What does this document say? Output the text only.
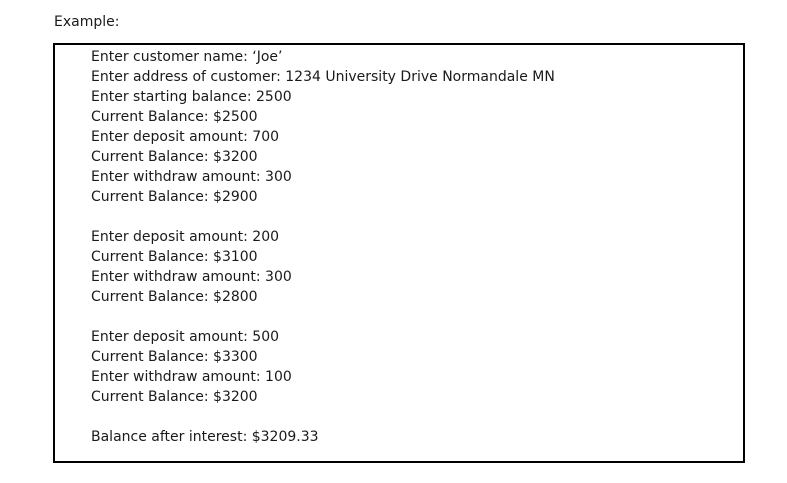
Example:
Enter customer name: ‘Joe’
Enter address of customer: 1234 University Drive Normandale MN
Enter starting balance: 2500
Current Balance: $2500
Enter deposit amount: 700
Current Balance: $3200
Enter withdraw amount: 300
Current Balance: $2900
Enter deposit amount: 200
Current Balance: $3100
Enter withdraw amount: 300
Current Balance: $2800
Enter deposit amount: 500
Current Balance: $3300
Enter withdraw amount: 100
Current Balance: $3200
Balance after interest: $3209.33
